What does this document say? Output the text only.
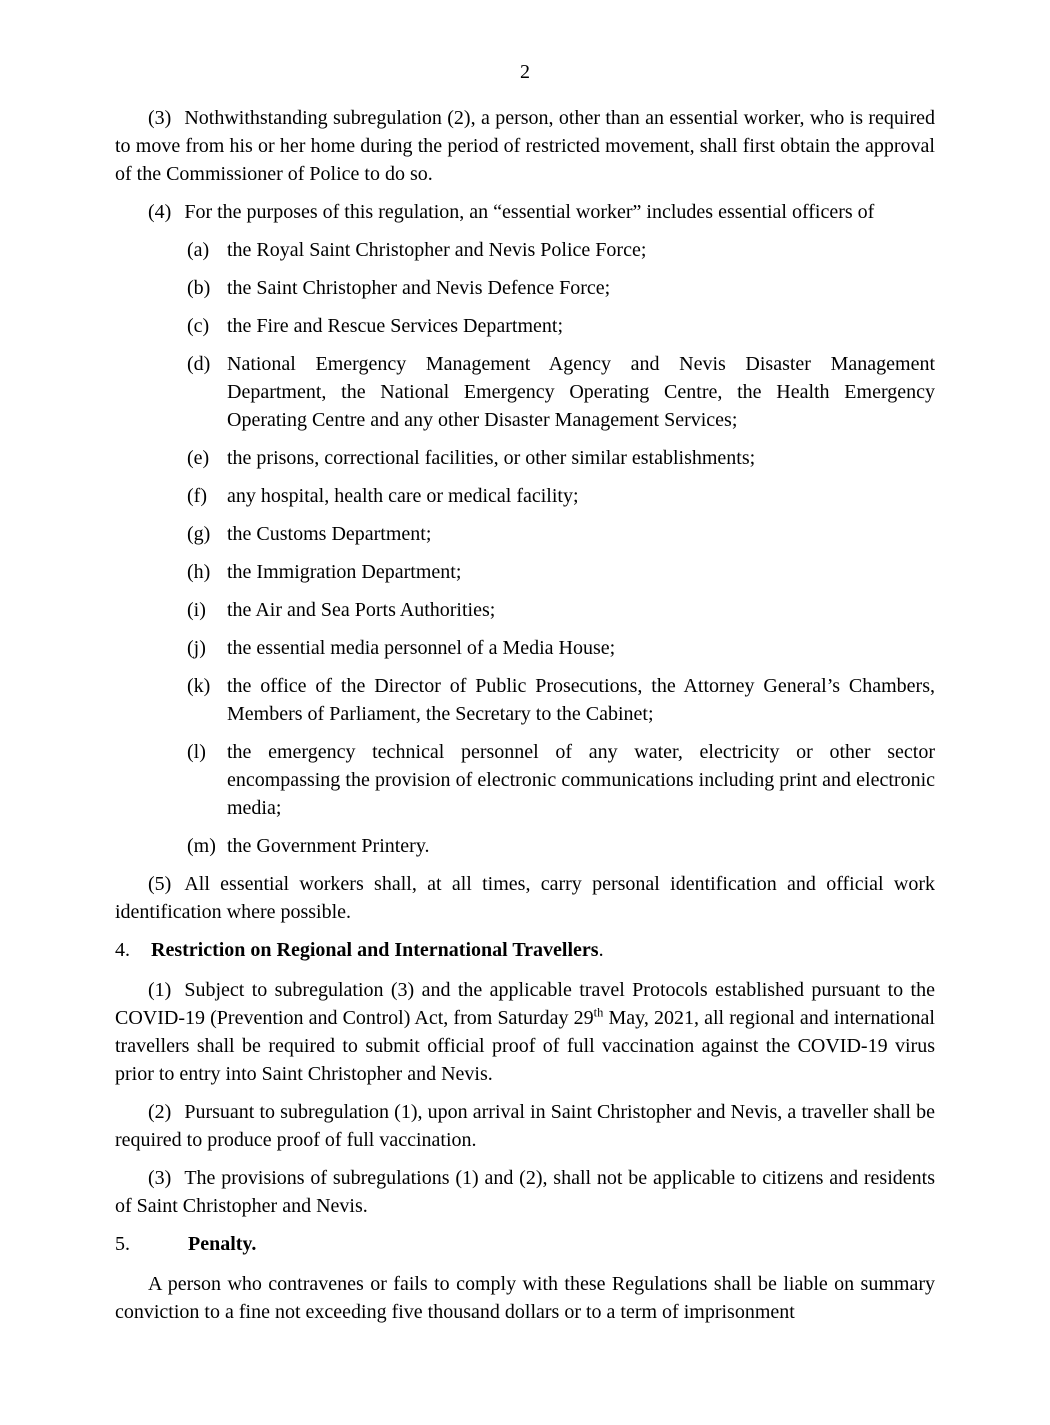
2

(3) Nothwithstanding subregulation (2), a person, other than an essential worker, who is required to move from his or her home during the period of restricted movement, shall first obtain the approval of the Commissioner of Police to do so.

(4) For the purposes of this regulation, an “essential worker” includes essential officers of

(a) the Royal Saint Christopher and Nevis Police Force;
(b) the Saint Christopher and Nevis Defence Force;
(c) the Fire and Rescue Services Department;
(d) National Emergency Management Agency and Nevis Disaster Management Department, the National Emergency Operating Centre, the Health Emergency Operating Centre and any other Disaster Management Services;
(e) the prisons, correctional facilities, or other similar establishments;
(f) any hospital, health care or medical facility;
(g) the Customs Department;
(h) the Immigration Department;
(i) the Air and Sea Ports Authorities;
(j) the essential media personnel of a Media House;
(k) the office of the Director of Public Prosecutions, the Attorney General’s Chambers, Members of Parliament, the Secretary to the Cabinet;
(l) the emergency technical personnel of any water, electricity or other sector encompassing the provision of electronic communications including print and electronic media;
(m) the Government Printery.

(5) All essential workers shall, at all times, carry personal identification and official work identification where possible.

4. Restriction on Regional and International Travellers.

(1) Subject to subregulation (3) and the applicable travel Protocols established pursuant to the COVID-19 (Prevention and Control) Act, from Saturday 29th May, 2021, all regional and international travellers shall be required to submit official proof of full vaccination against the COVID-19 virus prior to entry into Saint Christopher and Nevis.

(2) Pursuant to subregulation (1), upon arrival in Saint Christopher and Nevis, a traveller shall be required to produce proof of full vaccination.

(3) The provisions of subregulations (1) and (2), shall not be applicable to citizens and residents of Saint Christopher and Nevis.

5.	Penalty.

A person who contravenes or fails to comply with these Regulations shall be liable on summary conviction to a fine not exceeding five thousand dollars or to a term of imprisonment
